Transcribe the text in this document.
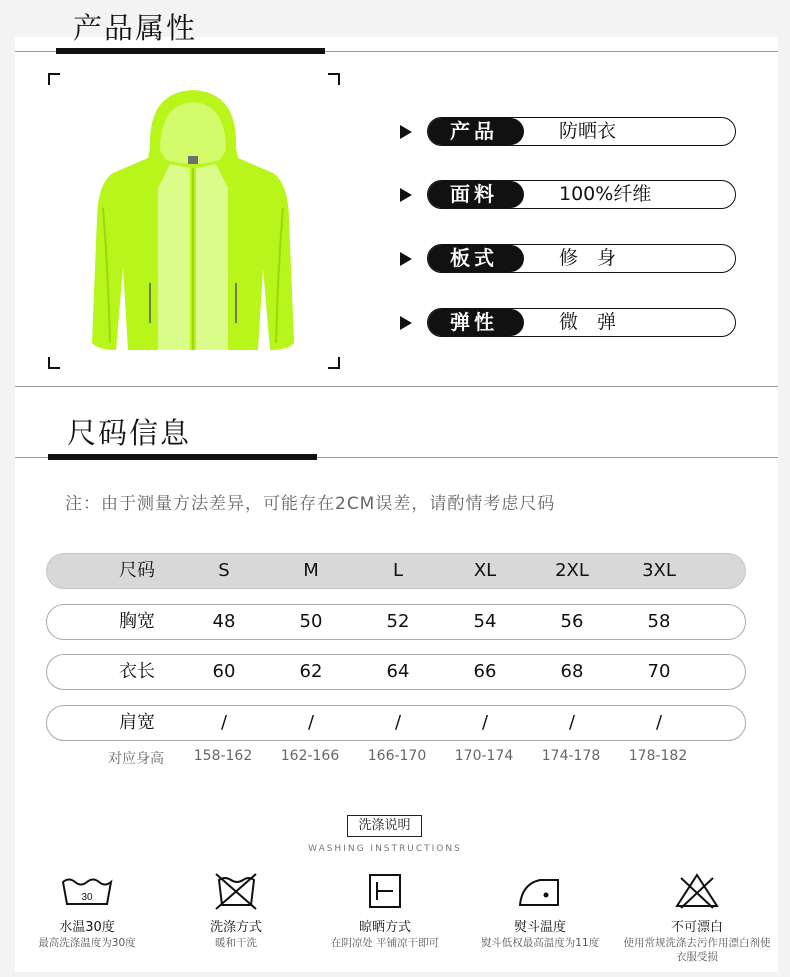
产品属性
产品	防晒衣
面料	100%纤维
板式	修　身
弹性	微　弹
尺码信息
注：由于测量方法差异，可能存在2CM误差，请酌情考虑尺码
尺码	S	M	L	XL	2XL	3XL
胸宽	48	50	52	54	56	58
衣长	60	62	64	66	68	70
肩宽	/	/	/	/	/	/
对应身高	158-162	162-166	166-170	170-174	174-178	178-182
洗涤说明
WASHING INSTRUCTIONS
30
水温30度
最高洗涤温度为30度
洗涤方式
暖和干洗
晾晒方式
在阴凉处 平铺凉干即可
熨斗温度
熨斗低权最高温度为11度
不可漂白
使用常规洗涤去污作用漂白剂使衣服受损
